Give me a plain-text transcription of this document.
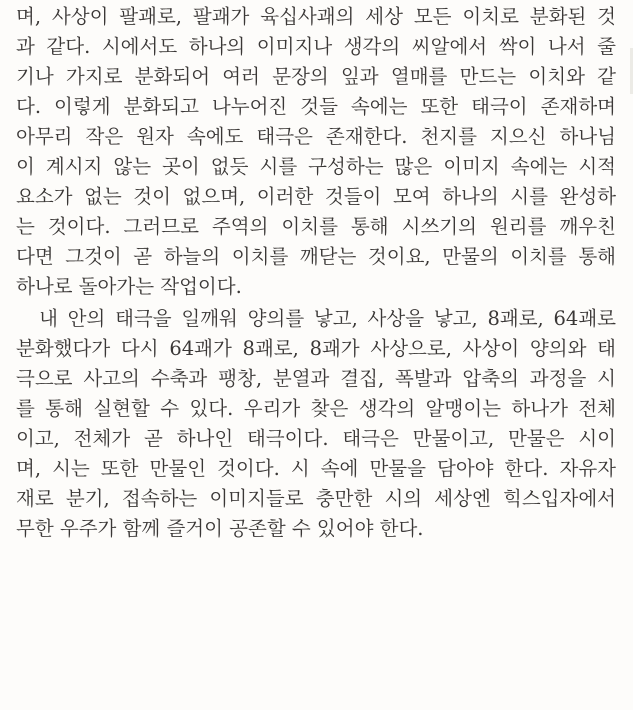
며, 사상이 팔괘로, 팔괘가 육십사괘의 세상 모든 이치로 분화된 것
과 같다. 시에서도 하나의 이미지나 생각의 씨알에서 싹이 나서 줄
기나 가지로 분화되어 여러 문장의 잎과 열매를 만드는 이치와 같
다. 이렇게 분화되고 나누어진 것들 속에는 또한 태극이 존재하며
아무리 작은 원자 속에도 태극은 존재한다. 천지를 지으신 하나님
이 계시지 않는 곳이 없듯 시를 구성하는 많은 이미지 속에는 시적
요소가 없는 것이 없으며, 이러한 것들이 모여 하나의 시를 완성하
는 것이다. 그러므로 주역의 이치를 통해 시쓰기의 원리를 깨우친
다면 그것이 곧 하늘의 이치를 깨닫는 것이요, 만물의 이치를 통해
하나로 돌아가는 작업이다.
　내 안의 태극을 일깨워 양의를 낳고, 사상을 낳고, 8괘로, 64괘로
분화했다가 다시 64괘가 8괘로, 8괘가 사상으로, 사상이 양의와 태
극으로 사고의 수축과 팽창, 분열과 결집, 폭발과 압축의 과정을 시
를 통해 실현할 수 있다. 우리가 찾은 생각의 알맹이는 하나가 전체
이고, 전체가 곧 하나인 태극이다. 태극은 만물이고, 만물은 시이
며, 시는 또한 만물인 것이다. 시 속에 만물을 담아야 한다. 자유자
재로 분기, 접속하는 이미지들로 충만한 시의 세상엔 힉스입자에서
무한 우주가 함께 즐거이 공존할 수 있어야 한다.
